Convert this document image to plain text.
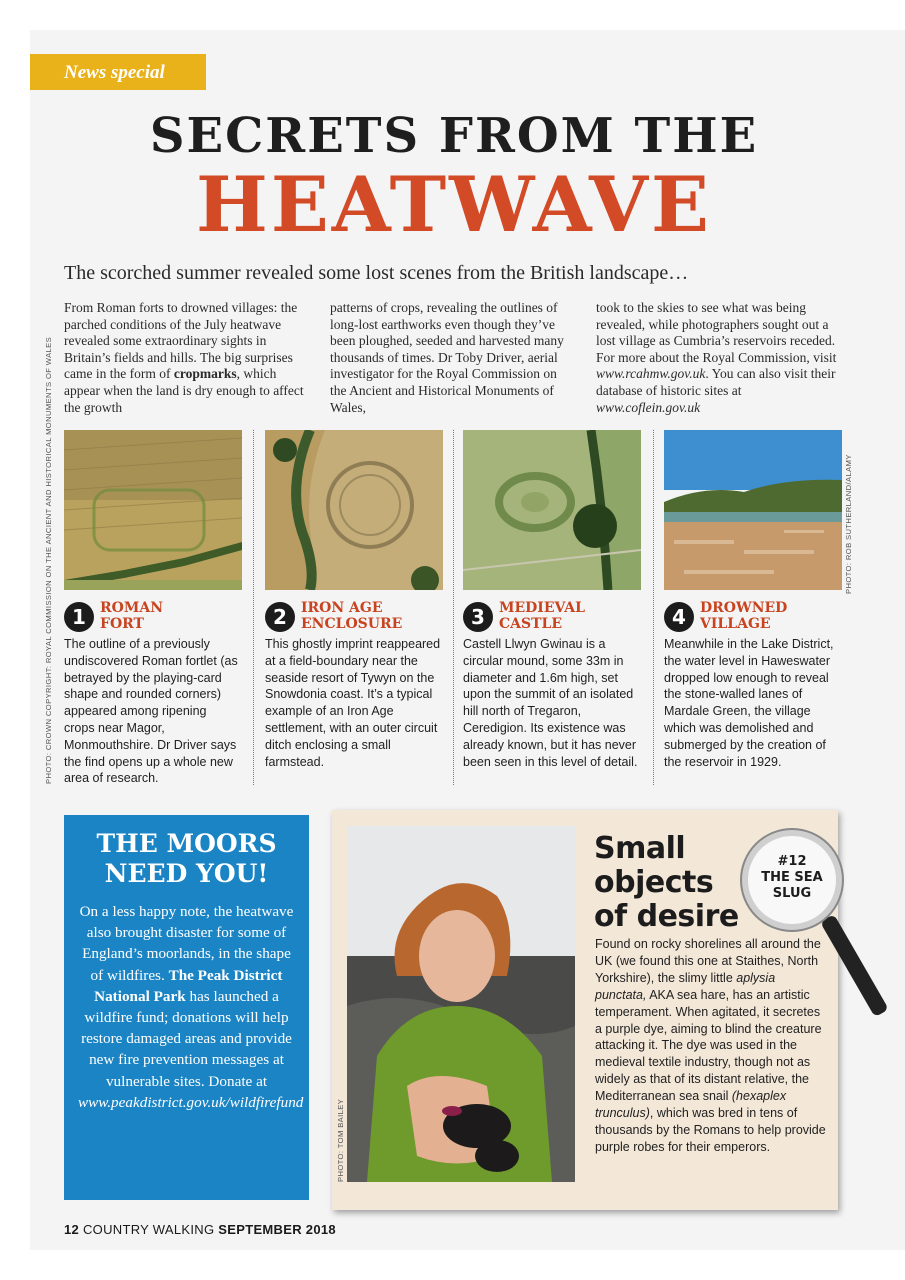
News special
SECRETS FROM THE
HEATWAVE
The scorched summer revealed some lost scenes from the British landscape…
From Roman forts to drowned villages: the parched conditions of the July heatwave revealed some extraordinary sights in Britain’s fields and hills. The big surprises came in the form of cropmarks, which appear when the land is dry enough to affect the growth
patterns of crops, revealing the outlines of long-lost earthworks even though they’ve been ploughed, seeded and harvested many thousands of times. Dr Toby Driver, aerial investigator for the Royal Commission on the Ancient and Historical Monuments of Wales,
took to the skies to see what was being revealed, while photographers sought out a lost village as Cumbria’s reservoirs receded. For more about the Royal Commission, visit www.rcahmw.gov.uk. You can also visit their database of historic sites at www.coflein.gov.uk
PHOTO: CROWN COPYRIGHT: ROYAL COMMISSION ON THE ANCIENT AND HISTORICAL MONUMENTS OF WALES	PHOTO: ROB SUTHERLAND/ALAMY
1	ROMAN
FORT
The outline of a previously undiscovered Roman fortlet (as betrayed by the playing-card shape and rounded corners) appeared among ripening crops near Magor, Monmouthshire. Dr Driver says the find opens up a whole new area of research.
2	IRON AGE
ENCLOSURE
This ghostly imprint reappeared at a field-boundary near the seaside resort of Tywyn on the Snowdonia coast. It’s a typical example of an Iron Age settlement, with an outer circuit ditch enclosing a small farmstead.
3	MEDIEVAL
CASTLE
Castell Llwyn Gwinau is a circular mound, some 33m in diameter and 1.6m high, set upon the summit of an isolated hill north of Tregaron, Ceredigion. Its existence was already known, but it has never been seen in this level of detail.
4	DROWNED
VILLAGE
Meanwhile in the Lake District, the water level in Haweswater dropped low enough to reveal the stone-walled lanes of Mardale Green, the village which was demolished and submerged by the creation of the reservoir in 1929.
THE MOORS
NEED YOU!

On a less happy note, the heatwave also brought disaster for some of England’s moorlands, in the shape of wildfires. The Peak District National Park has launched a wildfire fund; donations will help restore damaged areas and provide new fire prevention messages at vulnerable sites. Donate at www.peakdistrict.gov.uk/wildfirefund	PHOTO: TOM BAILEY
Small
objects
of desire
#12
THE SEA
SLUG

Found on rocky shorelines all around the UK (we found this one at Staithes, North Yorkshire), the slimy little aplysia punctata, AKA sea hare, has an artistic temperament. When agitated, it secretes a purple dye, aiming to blind the creature attacking it. The dye was used in the medieval textile industry, though not as widely as that of its distant relative, the Mediterranean sea snail (hexaplex trunculus), which was bred in tens of thousands by the Romans to help provide purple robes for their emperors.

12 COUNTRY WALKING SEPTEMBER 2018
